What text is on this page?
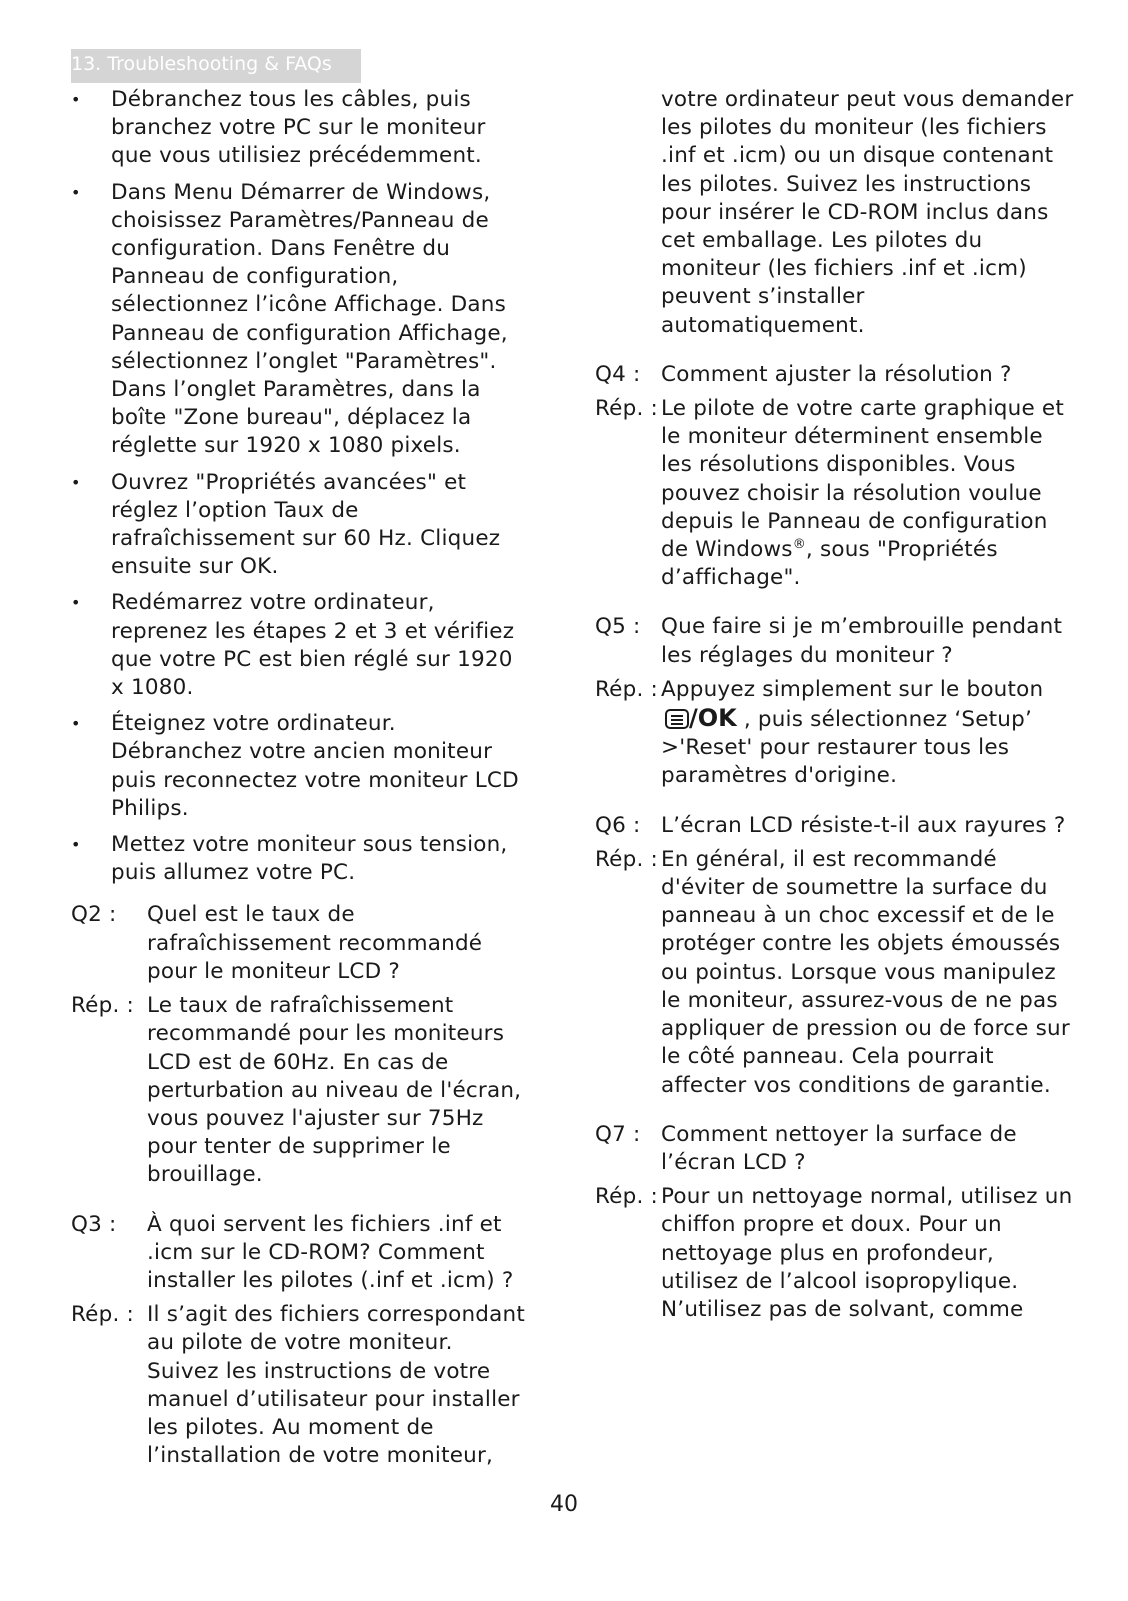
13. Troubleshooting & FAQs
• Débranchez tous les câbles, puis branchez votre PC sur le moniteur que vous utilisiez précédemment.
• Dans Menu Démarrer de Windows, choisissez Paramètres/Panneau de configuration. Dans Fenêtre du Panneau de configuration, sélectionnez l’icône Affichage. Dans Panneau de configuration Affichage, sélectionnez l’onglet "Paramètres". Dans l’onglet Paramètres, dans la boîte "Zone bureau", déplacez la réglette sur 1920 x 1080 pixels.
• Ouvrez "Propriétés avancées" et réglez l’option Taux de rafraîchissement sur 60 Hz. Cliquez ensuite sur OK.
• Redémarrez votre ordinateur, reprenez les étapes 2 et 3 et vérifiez que votre PC est bien réglé sur 1920 x 1080.
• Éteignez votre ordinateur. Débranchez votre ancien moniteur puis reconnectez votre moniteur LCD Philips.
• Mettez votre moniteur sous tension, puis allumez votre PC.
Q2 :	Quel est le taux de rafraîchissement recommandé pour le moniteur LCD ?
Rép. : Le taux de rafraîchissement recommandé pour les moniteurs LCD est de 60Hz. En cas de perturbation au niveau de l'écran, vous pouvez l'ajuster sur 75Hz pour tenter de supprimer le brouillage.
Q3 :	À quoi servent les fichiers .inf et .icm sur le CD-ROM? Comment installer les pilotes (.inf et .icm) ?
Rép. : Il s’agit des fichiers correspondant au pilote de votre moniteur. Suivez les instructions de votre manuel d’utilisateur pour installer les pilotes. Au moment de l’installation de votre moniteur,
votre ordinateur peut vous demander les pilotes du moniteur (les fichiers .inf et .icm) ou un disque contenant les pilotes. Suivez les instructions pour insérer le CD-ROM inclus dans cet emballage. Les pilotes du moniteur (les fichiers .inf et .icm) peuvent s’installer automatiquement.
Q4 : Comment ajuster la résolution ?
Rép. : Le pilote de votre carte graphique et le moniteur déterminent ensemble les résolutions disponibles. Vous pouvez choisir la résolution voulue depuis le Panneau de configuration de Windows®, sous "Propriétés d’affichage".
Q5 : Que faire si je m’embrouille pendant les réglages du moniteur ?
Rép. : Appuyez simplement sur le bouton /OK , puis sélectionnez ‘Setup’ >'Reset' pour restaurer tous les paramètres d'origine.
Q6 : L’écran LCD résiste-t-il aux rayures ?
Rép. : En général, il est recommandé d'éviter de soumettre la surface du panneau à un choc excessif et de le protéger contre les objets émoussés ou pointus. Lorsque vous manipulez le moniteur, assurez-vous de ne pas appliquer de pression ou de force sur le côté panneau. Cela pourrait affecter vos conditions de garantie.
Q7 : Comment nettoyer la surface de l’écran LCD ?
Rép. : Pour un nettoyage normal, utilisez un chiffon propre et doux. Pour un nettoyage plus en profondeur, utilisez de l’alcool isopropylique. N’utilisez pas de solvant, comme
40
